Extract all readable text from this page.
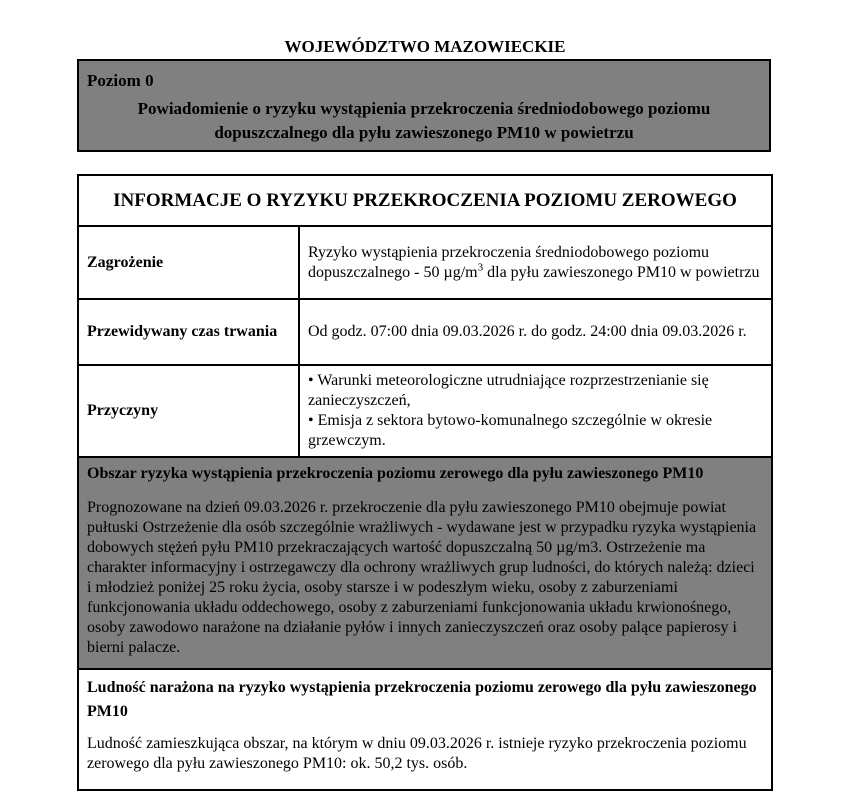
WOJEWÓDZTWO MAZOWIECKIE
Poziom 0
Powiadomienie o ryzyku wystąpienia przekroczenia średniodobowego poziomu dopuszczalnego dla pyłu zawieszonego PM10 w powietrzu
INFORMACJE O RYZYKU PRZEKROCZENIA POZIOMU ZEROWEGO	
Zagrożenie	Ryzyko wystąpienia przekroczenia średniodobowego poziomu dopuszczalnego - 50 $\mu g/m^3$ dla pyłu zawieszonego PM10 w powietrzu
Przewidywany czas trwania	Od godz. 07:00 dnia 09.03.2026 r. do godz. 24:00 dnia 09.03.2026 r.
Przyczyny	• Warunki meteorologiczne utrudniające rozprzestrzenianie się zanieczyszczeń,
• Emisja z sektora bytowo-komunalnego szczególnie w okresie grzewczym.

Obszar ryzyka wystąpienia przekroczenia poziomu zerowego dla pyłu zawieszonego PM10

Prognozowane na dzień 09.03.2026 r. przekroczenie dla pyłu zawieszonego PM10 obejmuje powiat pułtuski Ostrzeżenie dla osób szczególnie wrażliwych - wydawane jest w przypadku ryzyka wystąpienia dobowych stężeń pyłu PM10 przekraczających wartość dopuszczalną 50 µg/m3. Ostrzeżenie ma charakter informacyjny i ostrzegawczy dla ochrony wrażliwych grup ludności, do których należą: dzieci i młodzież poniżej 25 roku życia, osoby starsze i w podeszłym wieku, osoby z zaburzeniami funkcjonowania układu oddechowego, osoby z zaburzeniami funkcjonowania układu krwionośnego, osoby zawodowo narażone na działanie pyłów i innych zanieczyszczeń oraz osoby palące papierosy i bierni palacze.	

Ludność narażona na ryzyko wystąpienia przekroczenia poziomu zerowego dla pyłu zawieszonego PM10

Ludność zamieszkująca obszar, na którym w dniu 09.03.2026 r. istnieje ryzyko przekroczenia poziomu zerowego dla pyłu zawieszonego PM10: ok. 50,2 tys. osób.	
